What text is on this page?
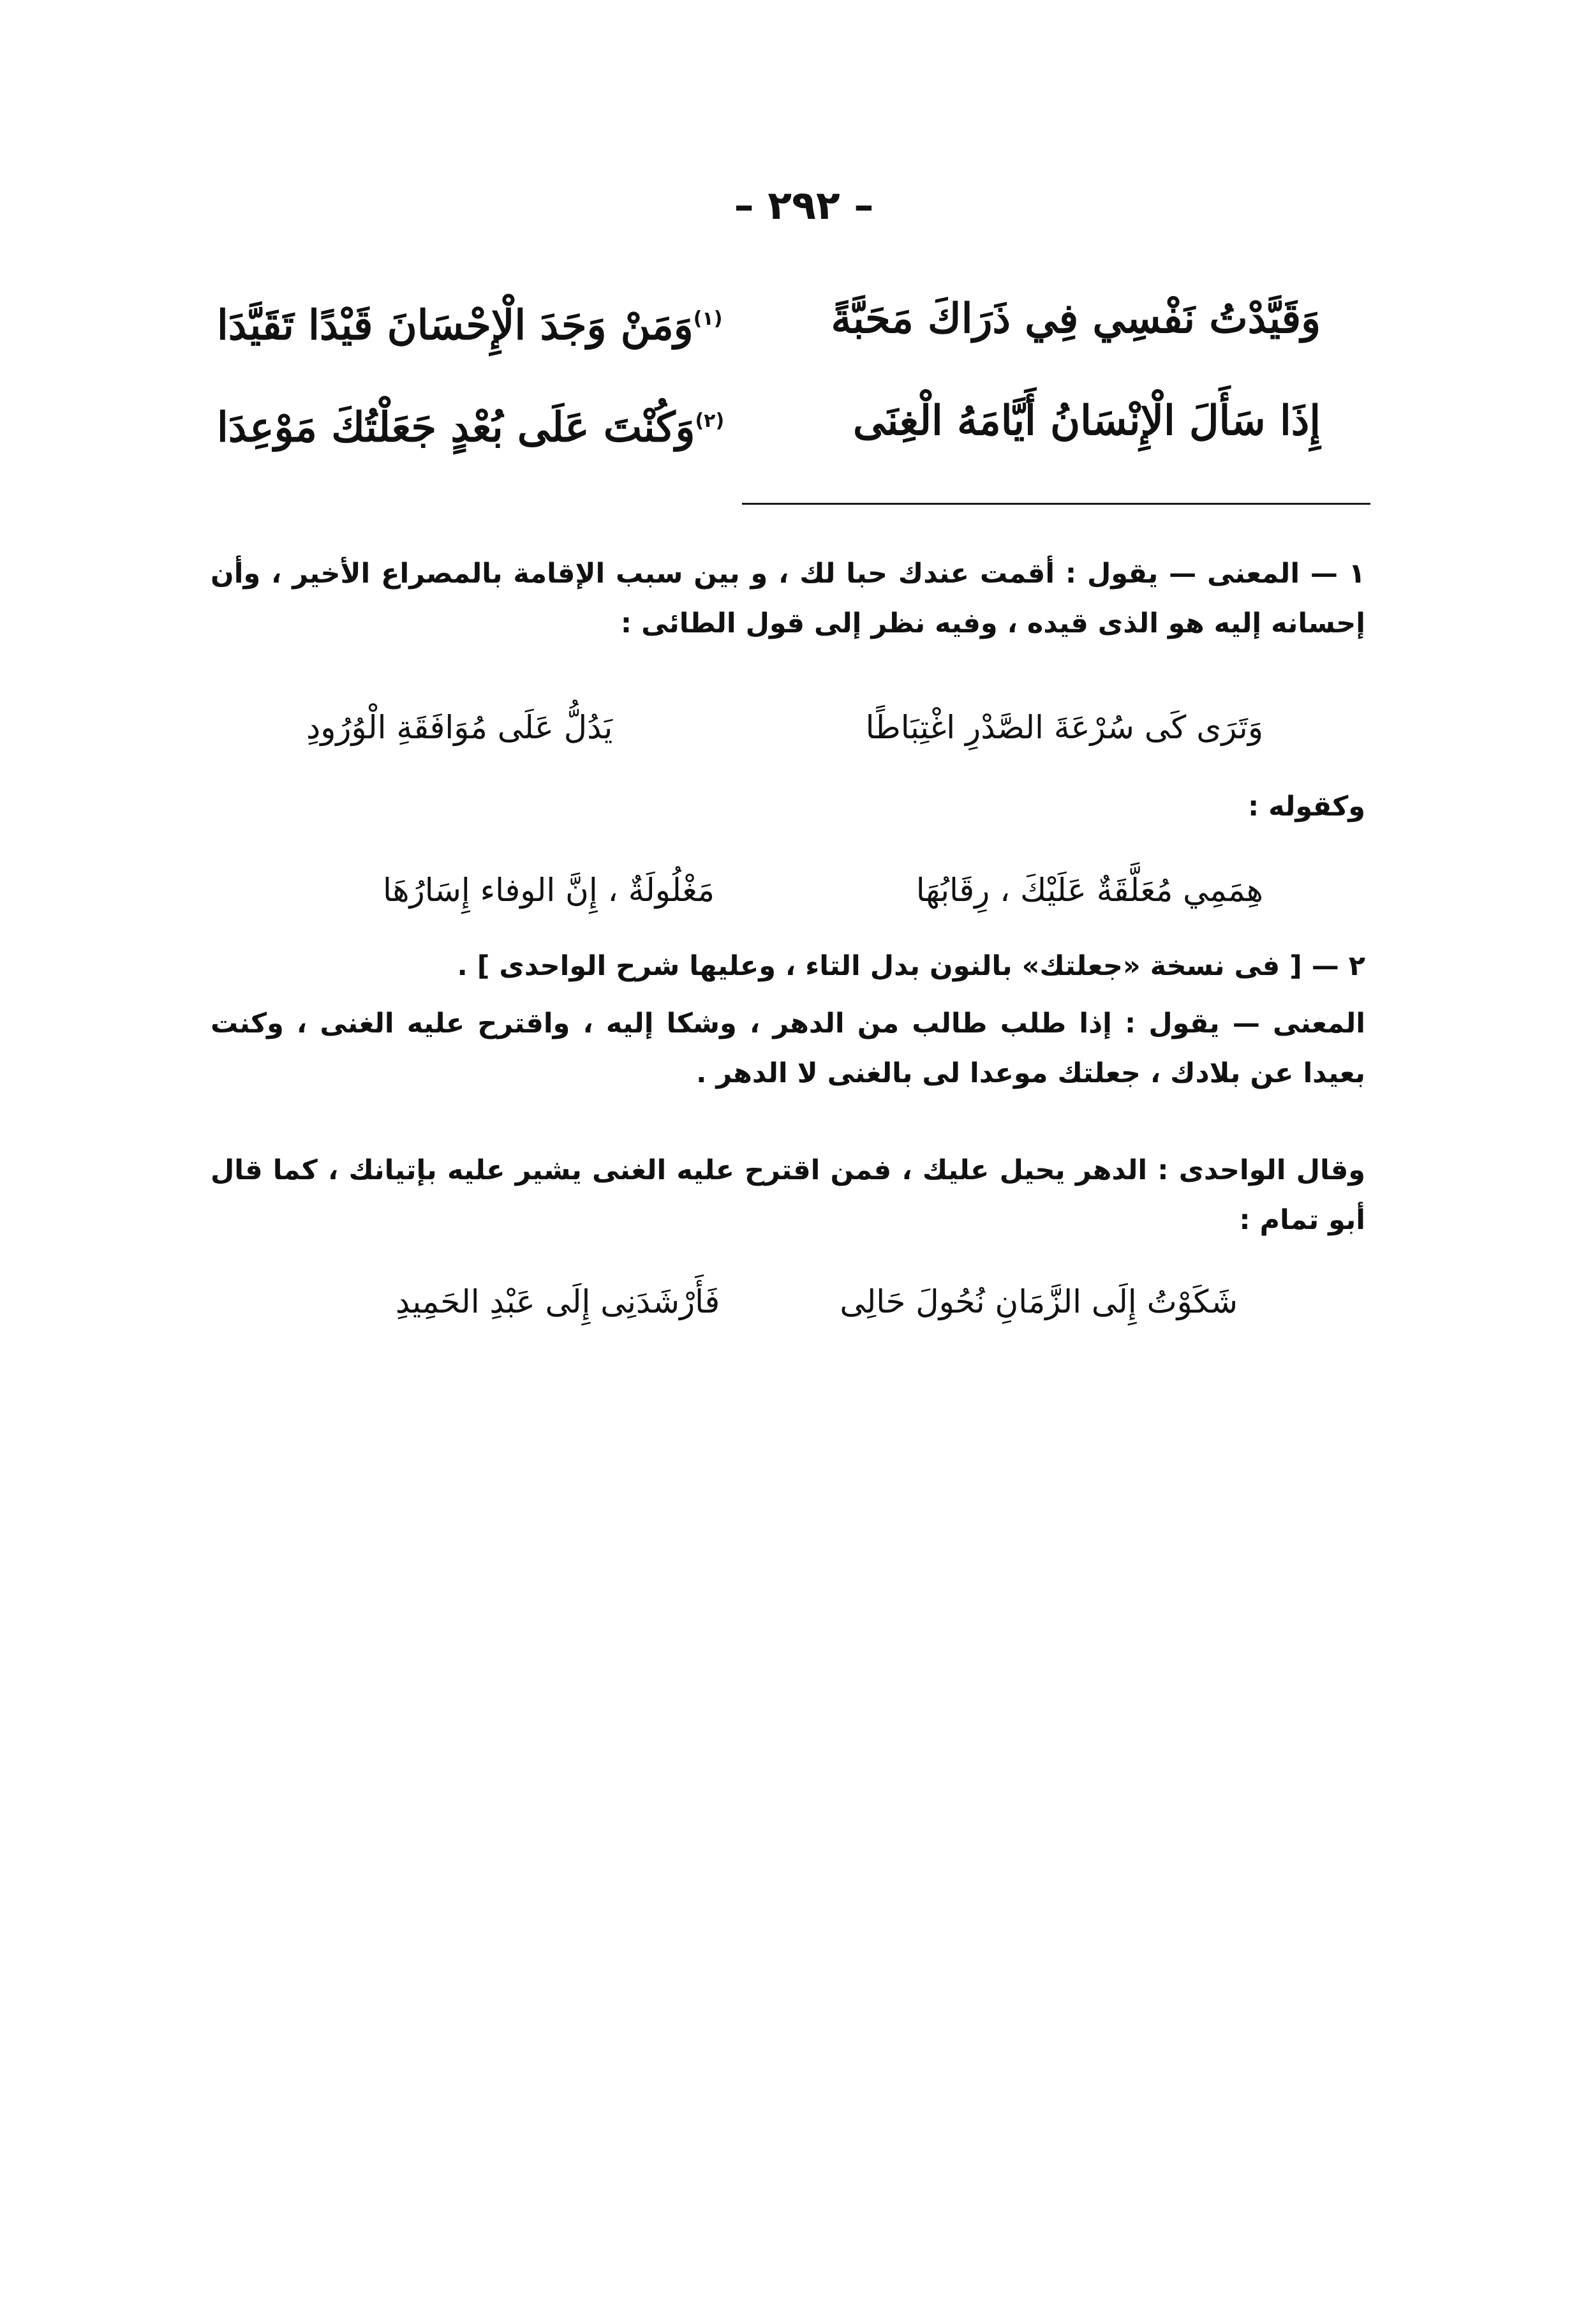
– ٢٩٢ –
وَقَيَّدْتُ نَفْسِي فِي ذَرَاكَ مَحَبَّةً
$^{(١)}$وَمَنْ وَجَدَ الْإِحْسَانَ قَيْدًا تَقَيَّدَا
إِذَا سَأَلَ الْإِنْسَانُ أَيَّامَهُ الْغِنَى
$^{(٢)}$وَكُنْتَ عَلَى بُعْدٍ جَعَلْتُكَ مَوْعِدَا
١ — المعنى — يقول : أقمت عندك حبا لك ، و بين سبب الإقامة بالمصراع الأخير ، وأن إحسانه إليه هو الذى قيده ، وفيه نظر إلى قول الطائى :
وَتَرَى كَى سُرْعَةَ الصَّدْرِ اغْتِبَاطًا
يَدُلُّ عَلَى مُوَافَقَةِ الْوُرُودِ
وكقوله :
هِمَمِي مُعَلَّقَةٌ عَلَيْكَ ، رِقَابُهَا
مَغْلُولَةٌ ، إِنَّ الوفاء إِسَارُهَا
٢ — [ فى نسخة «جعلتك» بالنون بدل التاء ، وعليها شرح الواحدى ] .
المعنى — يقول : إذا طلب طالب من الدهر ، وشكا إليه ، واقترح عليه الغنى ، وكنت بعيدا عن بلادك ، جعلتك موعدا لى بالغنى لا الدهر .
وقال الواحدى : الدهر يحيل عليك ، فمن اقترح عليه الغنى يشير عليه بإتيانك ، كما قال أبو تمام :
شَكَوْتُ إِلَى الزَّمَانِ نُحُولَ حَالِى
فَأَرْشَدَنِى إِلَى عَبْدِ الحَمِيدِ
